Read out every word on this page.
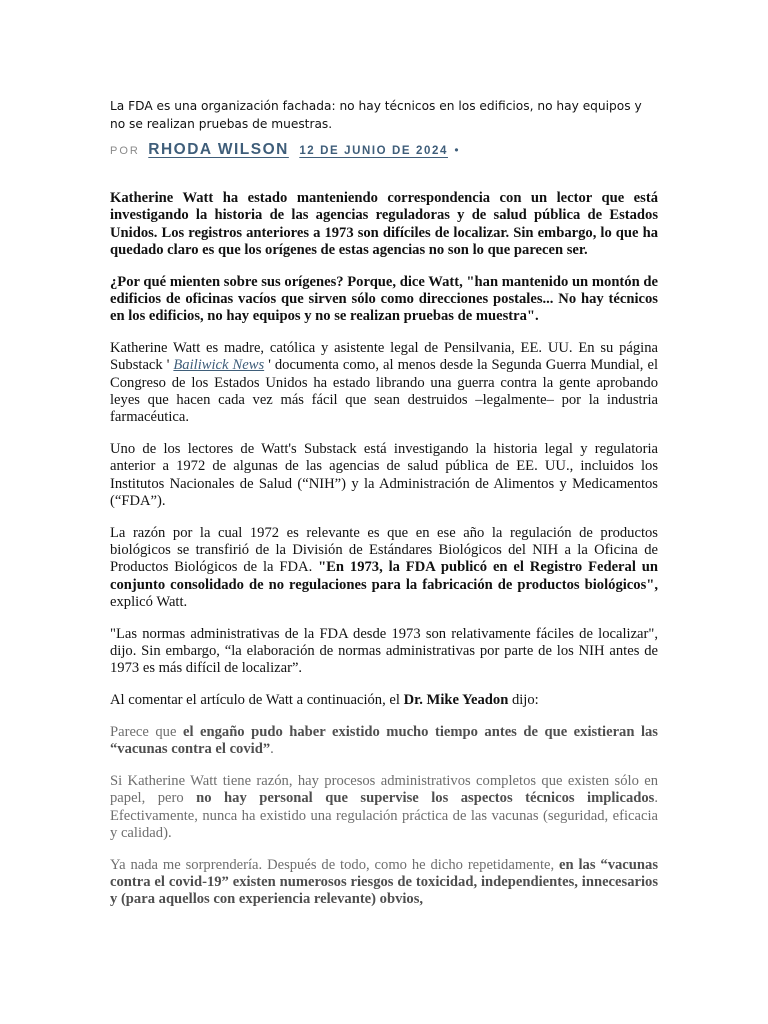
La FDA es una organización fachada: no hay técnicos en los edificios, no hay equipos y no se realizan pruebas de muestras.

POR RHODA WILSON 12 DE JUNIO DE 2024 •

Katherine Watt ha estado manteniendo correspondencia con un lector que está investigando la historia de las agencias reguladoras y de salud pública de Estados Unidos. Los registros anteriores a 1973 son difíciles de localizar. Sin embargo, lo que ha quedado claro es que los orígenes de estas agencias no son lo que parecen ser.

¿Por qué mienten sobre sus orígenes? Porque, dice Watt, "han mantenido un montón de edificios de oficinas vacíos que sirven sólo como direcciones postales... No hay técnicos en los edificios, no hay equipos y no se realizan pruebas de muestra".

Katherine Watt es madre, católica y asistente legal de Pensilvania, EE. UU. En su página Substack ' Bailiwick News ' documenta como, al menos desde la Segunda Guerra Mundial, el Congreso de los Estados Unidos ha estado librando una guerra contra la gente aprobando leyes que hacen cada vez más fácil que sean destruidos –legalmente– por la industria farmacéutica.

Uno de los lectores de Watt's Substack está investigando la historia legal y regulatoria anterior a 1972 de algunas de las agencias de salud pública de EE. UU., incluidos los Institutos Nacionales de Salud (“NIH”) y la Administración de Alimentos y Medicamentos (“FDA”).

La razón por la cual 1972 es relevante es que en ese año la regulación de productos biológicos se transfirió de la División de Estándares Biológicos del NIH a la Oficina de Productos Biológicos de la FDA. "En 1973, la FDA publicó en el Registro Federal un conjunto consolidado de no regulaciones para la fabricación de productos biológicos", explicó Watt.

"Las normas administrativas de la FDA desde 1973 son relativamente fáciles de localizar", dijo. Sin embargo, “la elaboración de normas administrativas por parte de los NIH antes de 1973 es más difícil de localizar”.

Al comentar el artículo de Watt a continuación, el Dr. Mike Yeadon dijo:

Parece que el engaño pudo haber existido mucho tiempo antes de que existieran las “vacunas contra el covid”.

Si Katherine Watt tiene razón, hay procesos administrativos completos que existen sólo en papel, pero no hay personal que supervise los aspectos técnicos implicados. Efectivamente, nunca ha existido una regulación práctica de las vacunas (seguridad, eficacia y calidad).

Ya nada me sorprendería. Después de todo, como he dicho repetidamente, en las “vacunas contra el covid-19” existen numerosos riesgos de toxicidad, independientes, innecesarios y (para aquellos con experiencia relevante) obvios,
